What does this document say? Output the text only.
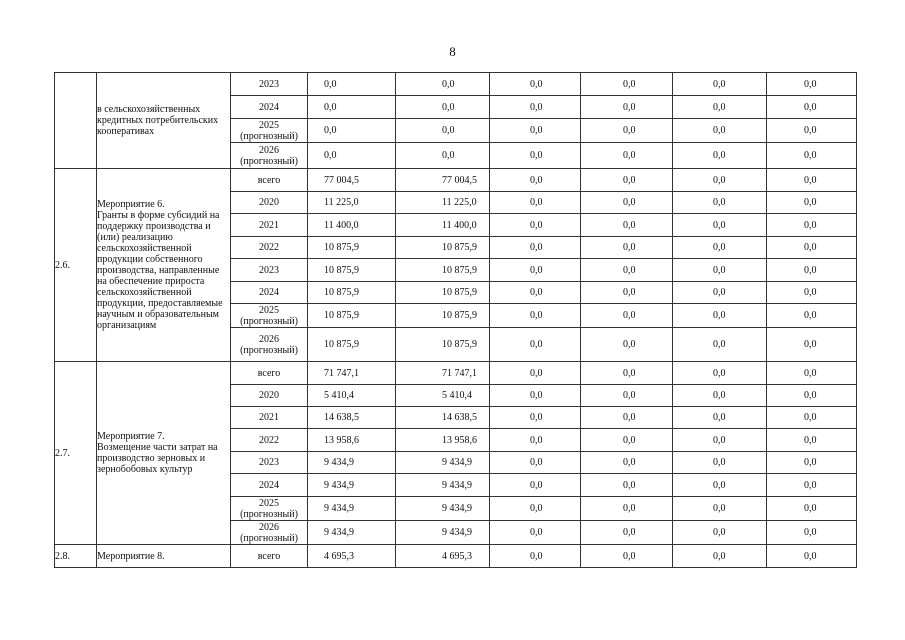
8
	в сельскохозяйственных кредитных потребительских кооперативах	2023	0,0	0,0	0,0	0,0	0,0	0,0

		2024	0,0	0,0	0,0	0,0	0,0	0,0

		2025
(прогнозный)	0,0	0,0	0,0	0,0	0,0	0,0

		2026
(прогнозный)	0,0	0,0	0,0	0,0	0,0	0,0

2.6.	Мероприятие 6.
Гранты в форме субсидий на поддержку производства и (или) реализацию сельскохозяйственной продукции собственного производства, направленные на обеспечение прироста сельскохозяйственной продукции, предоставляемые научным и образовательным организациям	всего	77 004,5	77 004,5	0,0	0,0	0,0	0,0

		2020	11 225,0	11 225,0	0,0	0,0	0,0	0,0

		2021	11 400,0	11 400,0	0,0	0,0	0,0	0,0

		2022	10 875,9	10 875,9	0,0	0,0	0,0	0,0

		2023	10 875,9	10 875,9	0,0	0,0	0,0	0,0

		2024	10 875,9	10 875,9	0,0	0,0	0,0	0,0

		2025
(прогнозный)	10 875,9	10 875,9	0,0	0,0	0,0	0,0

		2026
(прогнозный)	10 875,9	10 875,9	0,0	0,0	0,0	0,0

2.7.	Мероприятие 7.
Возмещение части затрат на производство зерновых и зернобобовых культур	всего	71 747,1	71 747,1	0,0	0,0	0,0	0,0

		2020	5 410,4	5 410,4	0,0	0,0	0,0	0,0

		2021	14 638,5	14 638,5	0,0	0,0	0,0	0,0

		2022	13 958,6	13 958,6	0,0	0,0	0,0	0,0

		2023	9 434,9	9 434,9	0,0	0,0	0,0	0,0

		2024	9 434,9	9 434,9	0,0	0,0	0,0	0,0

		2025
(прогнозный)	9 434,9	9 434,9	0,0	0,0	0,0	0,0

		2026
(прогнозный)	9 434,9	9 434,9	0,0	0,0	0,0	0,0

2.8.	Мероприятие 8.	всего	4 695,3	4 695,3	0,0	0,0	0,0	0,0
